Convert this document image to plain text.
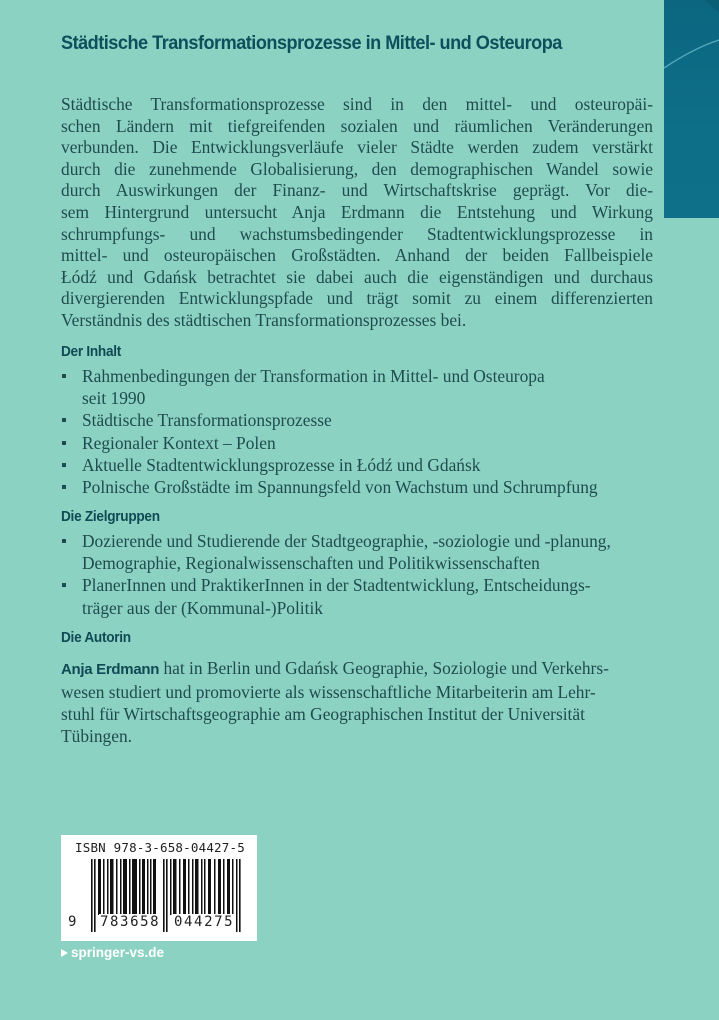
Städtische Transformationsprozesse in Mittel- und Osteuropa
Städtische Transformationsprozesse sind in den mittel- und osteuropäi-
schen Ländern mit tiefgreifenden sozialen und räumlichen Veränderungen
verbunden. Die Entwicklungsverläufe vieler Städte werden zudem verstärkt
durch die zunehmende Globalisierung, den demographischen Wandel sowie
durch Auswirkungen der Finanz- und Wirtschaftskrise geprägt. Vor die-
sem Hintergrund untersucht Anja Erdmann die Entstehung und Wirkung
schrumpfungs- und wachstumsbedingender Stadtentwicklungsprozesse in
mittel- und osteuropäischen Großstädten. Anhand der beiden Fallbeispiele
Łódź und Gdańsk betrachtet sie dabei auch die eigenständigen und durchaus
divergierenden Entwicklungspfade und trägt somit zu einem differenzierten
Verständnis des städtischen Transformationsprozesses bei.
Der Inhalt
Rahmenbedingungen der Transformation in Mittel- und Osteuropa
seit 1990
Städtische Transformationsprozesse
Regionaler Kontext – Polen
Aktuelle Stadtentwicklungsprozesse in Łódź und Gdańsk
Polnische Großstädte im Spannungsfeld von Wachstum und Schrumpfung
Die Zielgruppen
Dozierende und Studierende der Stadtgeographie, -soziologie und -planung,
Demographie, Regionalwissenschaften und Politikwissenschaften
PlanerInnen und PraktikerInnen in der Stadtentwicklung, Entscheidungs-
träger aus der (Kommunal-)Politik
Die Autorin
Anja Erdmann hat in Berlin und Gdańsk Geographie, Soziologie und Verkehrs-
wesen studiert und promovierte als wissenschaftliche Mitarbeiterin am Lehr-
stuhl für Wirtschaftsgeographie am Geographischen Institut der Universität
Tübingen.
ISBN 978-3-658-04427-5
9 783658 044275
springer-vs.de
